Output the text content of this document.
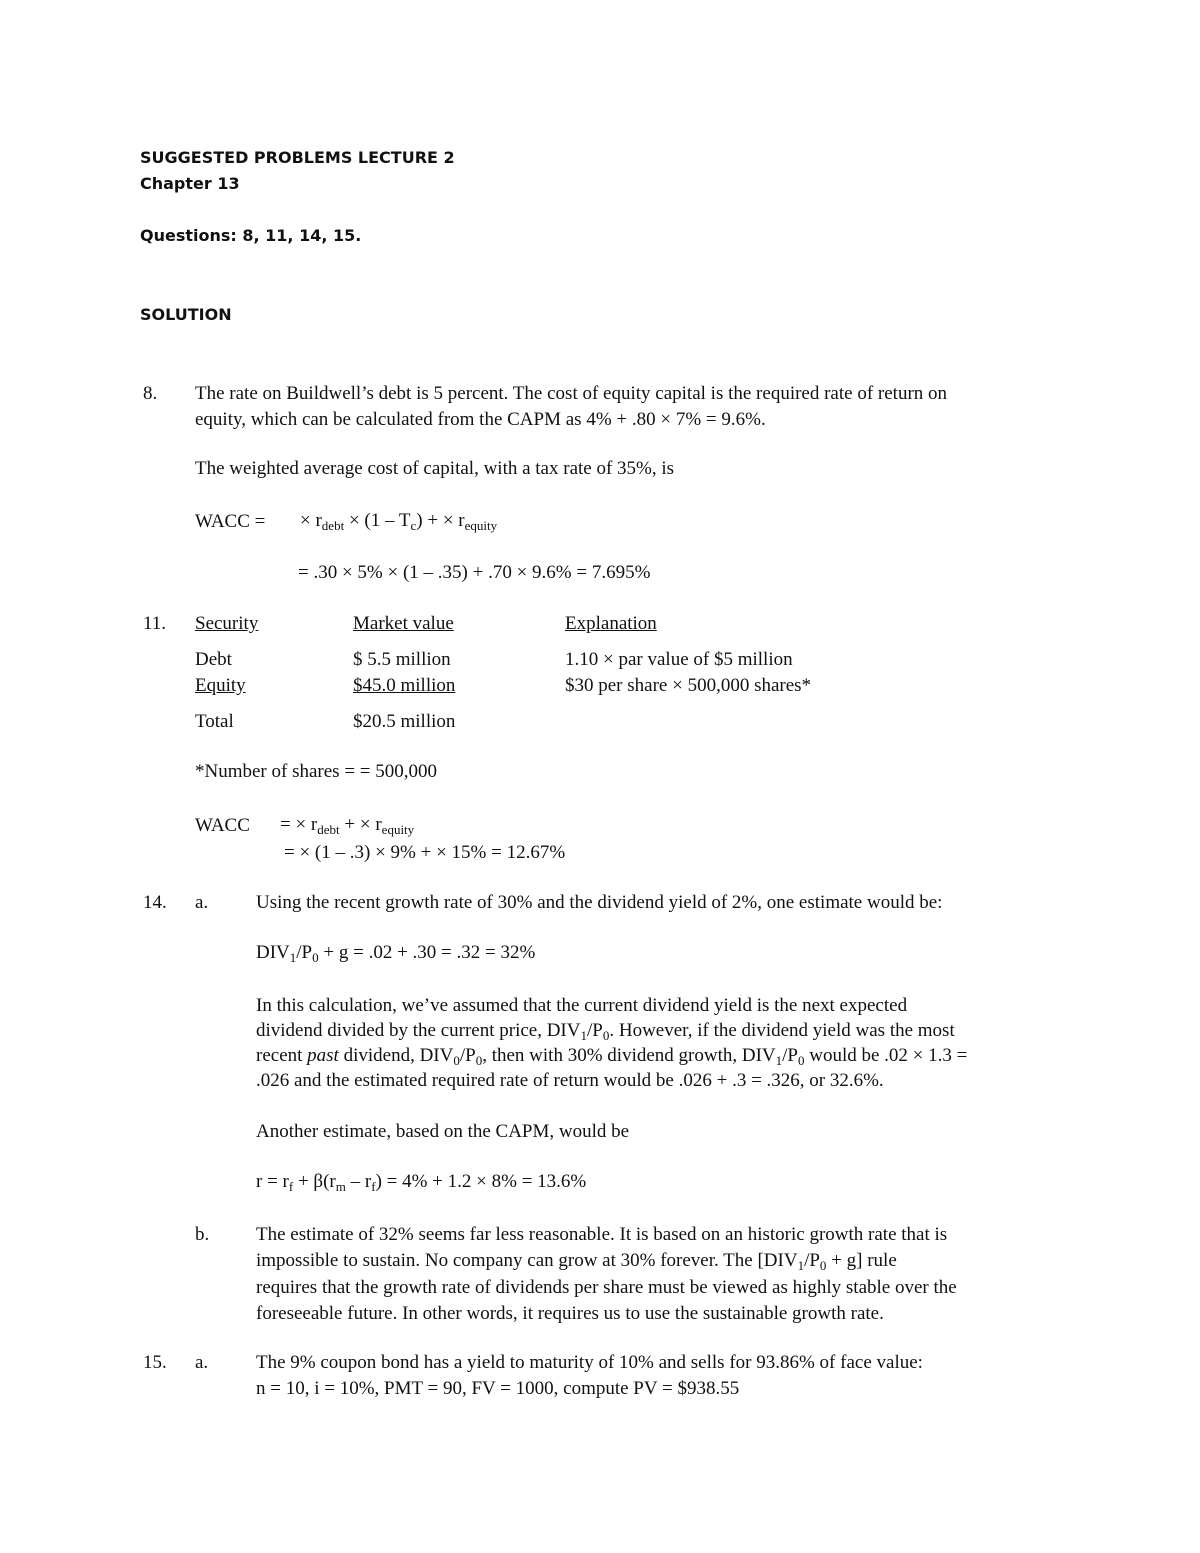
SUGGESTED PROBLEMS LECTURE 2
Chapter 13
Questions: 8, 11, 14, 15.
SOLUTION
8. The rate on Buildwell’s debt is 5 percent. The cost of equity capital is the required rate of return on
equity, which can be calculated from the CAPM as 4% + .80 × 7% = 9.6%.
The weighted average cost of capital, with a tax rate of 35%, is
WACC = × $r_{debt} \times (1 - T_c)$ + × $r_{equity}$
= .30 × 5% × (1 – .35) + .70 × 9.6% = 7.695%
11. Security	Market value	Explanation
Debt	$ 5.5 million	1.10 × par value of $5 million
Equity	$45.0 million	$30 per share × 500,000 shares*
Total	$20.5 million
*Number of shares = = 500,000
WACC = × $r_{debt}$ + × $r_{equity}$
= × (1 – .3) × 9% + × 15% = 12.67%
14. a.	Using the recent growth rate of 30% and the dividend yield of 2%, one estimate would be:
$DIV_1/P_0 + g = .02 + .30 = .32 = 32\%$
In this calculation, we’ve assumed that the current dividend yield is the next expected
dividend divided by the current price, $DIV_1/P_0$. However, if the dividend yield was the most
recent past dividend, $DIV_0/P_0$, then with 30% dividend growth, $DIV_1/P_0$ would be .02 × 1.3 =
.026 and the estimated required rate of return would be .026 + .3 = .326, or 32.6%.
Another estimate, based on the CAPM, would be
$r = r_f + \beta(r_m - r_f) = 4\% + 1.2 \times 8\% = 13.6\%$
b. The estimate of 32% seems far less reasonable. It is based on an historic growth rate that is
impossible to sustain. No company can grow at 30% forever. The $[DIV_1/P_0 + g]$ rule
requires that the growth rate of dividends per share must be viewed as highly stable over the
foreseeable future. In other words, it requires us to use the sustainable growth rate.
15. a.	The 9% coupon bond has a yield to maturity of 10% and sells for 93.86% of face value:
n = 10, i = 10%, PMT = 90, FV = 1000, compute PV = $938.55
